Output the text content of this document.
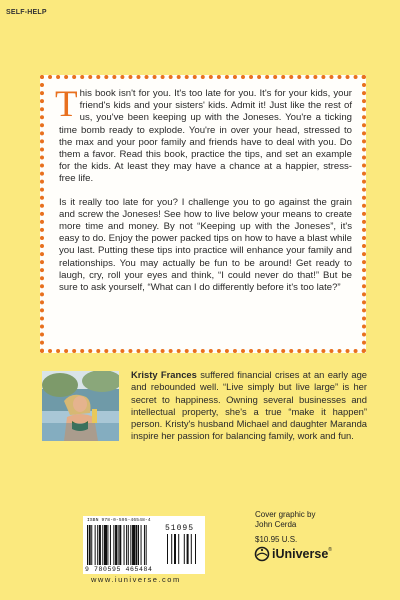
SELF-HELP

This book isn't for you. It's too late for you. It's for your kids, your friend's kids and your sisters' kids. Admit it! Just like the rest of us, you've been keeping up with the Joneses. You're a ticking time bomb ready to explode. You're in over your head, stressed to the max and your poor family and friends have to deal with you. Do them a favor. Read this book, practice the tips, and set an example for the kids. At least they may have a chance at a happier, stress-free life.

Is it really too late for you? I challenge you to go against the grain and screw the Joneses! See how to live below your means to create more time and money. By not “Keeping up with the Joneses”, it's easy to do. Enjoy the power packed tips on how to have a blast while you last. Putting these tips into practice will enhance your family and relationships. You may actually be fun to be around! Get ready to laugh, cry, roll your eyes and think, “I could never do that!” But be sure to ask yourself, “What can I do differently before it's too late?”

Kristy Frances suffered financial crises at an early age and rebounded well. “Live simply but live large” is her secret to happiness. Owning several businesses and intellectual property, she's a true “make it happen” person. Kristy's husband Michael and daughter Maranda inspire her passion for balancing family, work and fun.

ISBN 978-0-595-46548-4
51095
9 780595 465484
www.iuniverse.com
Cover graphic by
John Cerda
$10.95 U.S.
iUniverse®
